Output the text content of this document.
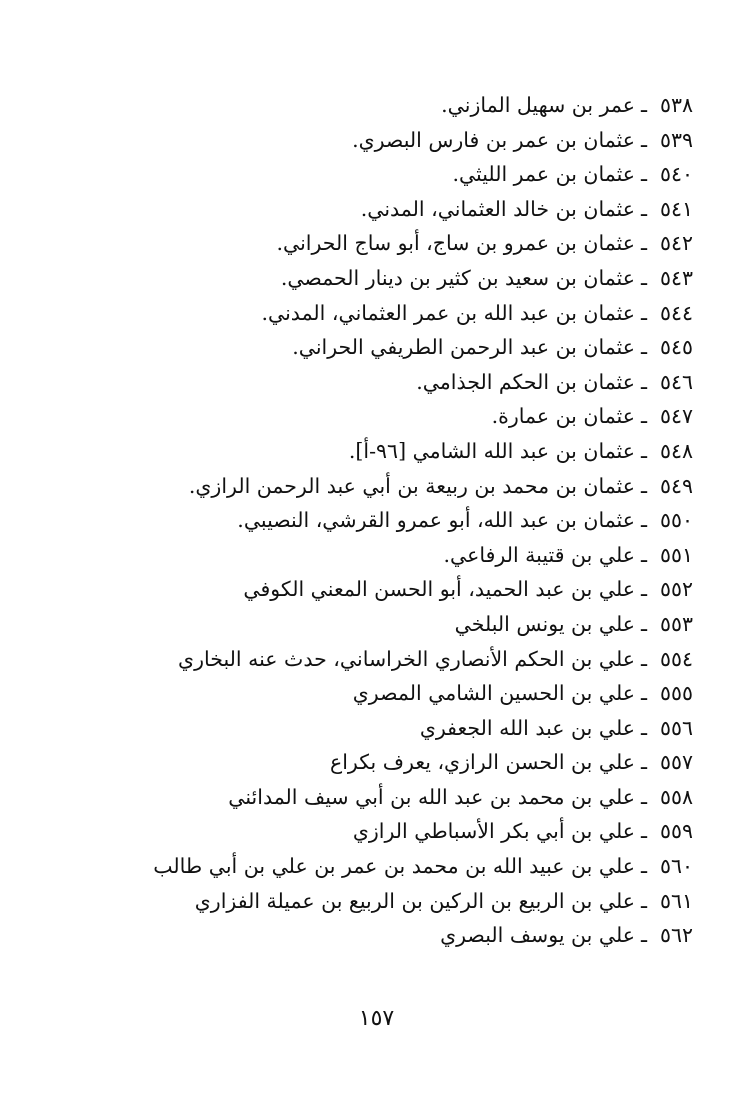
٥٣٨ـعمر بن سهيل المازني.
٥٣٩ـعثمان بن عمر بن فارس البصري.
٥٤٠ـعثمان بن عمر الليثي.
٥٤١ـعثمان بن خالد العثماني، المدني.
٥٤٢ـعثمان بن عمرو بن ساج، أبو ساج الحراني.
٥٤٣ـعثمان بن سعيد بن كثير بن دينار الحمصي.
٥٤٤ـعثمان بن عبد الله بن عمر العثماني، المدني.
٥٤٥ـعثمان بن عبد الرحمن الطريفي الحراني.
٥٤٦ـعثمان بن الحكم الجذامي.
٥٤٧ـعثمان بن عمارة.
٥٤٨ـعثمان بن عبد الله الشامي [٩٦-أ].
٥٤٩ـعثمان بن محمد بن ربيعة بن أبي عبد الرحمن الرازي.
٥٥٠ـعثمان بن عبد الله، أبو عمرو القرشي، النصيبي.
٥٥١ـعلي بن قتيبة الرفاعي.
٥٥٢ـعلي بن عبد الحميد، أبو الحسن المعني الكوفي
٥٥٣ـعلي بن يونس البلخي
٥٥٤ـعلي بن الحكم الأنصاري الخراساني، حدث عنه البخاري
٥٥٥ـعلي بن الحسين الشامي المصري
٥٥٦ـعلي بن عبد الله الجعفري
٥٥٧ـعلي بن الحسن الرازي، يعرف بكراع
٥٥٨ـعلي بن محمد بن عبد الله بن أبي سيف المدائني
٥٥٩ـعلي بن أبي بكر الأسباطي الرازي
٥٦٠ـعلي بن عبيد الله بن محمد بن عمر بن علي بن أبي طالب
٥٦١ـعلي بن الربيع بن الركين بن الربيع بن عميلة الفزاري
٥٦٢ـعلي بن يوسف البصري
١٥٧
